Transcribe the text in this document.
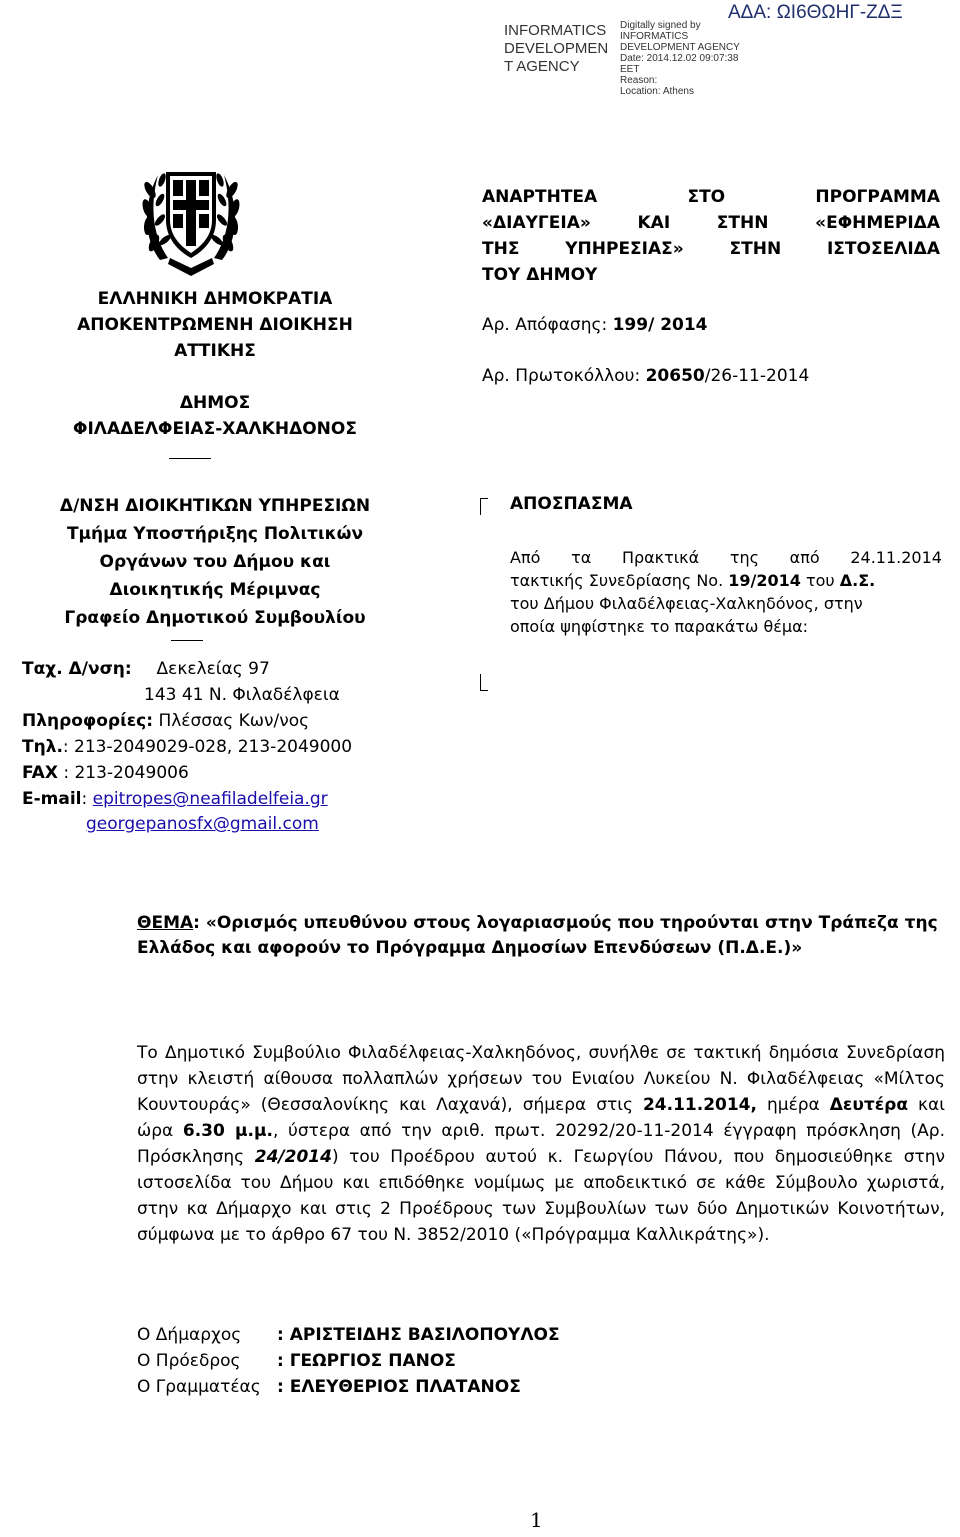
INFORMATICS
DEVELOPMEN
T AGENCY
Digitally signed by
INFORMATICS
DEVELOPMENT AGENCY
Date: 2014.12.02 09:07:38
EET
Reason:
Location: Athens
ΑΔΑ: ΩΙ6ΘΩΗΓ-ΖΔΞ
ΕΛΛΗΝΙΚΗ ΔΗΜΟΚΡΑΤΙΑ
ΑΠΟΚΕΝΤΡΩΜΕΝΗ ΔΙΟΙΚΗΣΗ
ΑΤΤΙΚΗΣ
ΔΗΜΟΣ
ΦΙΛΑΔΕΛΦΕΙΑΣ-ΧΑΛΚΗΔΟΝΟΣ
Δ/ΝΣΗ ΔΙΟΙΚΗΤΙΚΩΝ ΥΠΗΡΕΣΙΩΝ
Τμήμα Υποστήριξης Πολιτικών
Οργάνων του Δήμου και
Διοικητικής Μέριμνας
Γραφείο Δημοτικού Συμβουλίου
Ταχ. Δ/νση: Δεκελείας 97
143 41 Ν. Φιλαδέλφεια
Πληροφορίες: Πλέσσας Κων/νος
Τηλ.: 213-2049029-028, 213-2049000
FAX : 213-2049006
E-mail: epitropes@neafiladelfeia.gr
georgepanosfx@gmail.com
ΑΝΑΡΤΗΤΕΑ	ΣΤΟ	ΠΡΟΓΡΑΜΜΑ
«ΔΙΑΥΓΕΙΑ»	ΚΑΙ	ΣΤΗΝ	«ΕΦΗΜΕΡΙΔΑ
ΤΗΣ	ΥΠΗΡΕΣΙΑΣ»	ΣΤΗΝ	ΙΣΤΟΣΕΛΙΔΑ
ΤΟΥ ΔΗΜΟΥ
Αρ. Απόφασης: 199/ 2014
Αρ. Πρωτοκόλλου: 20650/26-11-2014
ΑΠΟΣΠΑΣΜΑ
Από τα Πρακτικά της από 24.11.2014
τακτικής Συνεδρίασης Νο. 19/2014 του Δ.Σ.
του Δήμου Φιλαδέλφειας-Χαλκηδόνος, στην
οποία ψηφίστηκε το παρακάτω θέμα:
ΘΕΜΑ: «Ορισμός υπευθύνου στους λογαριασμούς που τηρούνται στην Τράπεζα της Ελλάδος και αφορούν το Πρόγραμμα Δημοσίων Επενδύσεων (Π.Δ.Ε.)»
Το Δημοτικό Συμβούλιο Φιλαδέλφειας-Χαλκηδόνος, συνήλθε σε τακτική δημόσια Συνεδρίαση στην κλειστή αίθουσα πολλαπλών χρήσεων του Ενιαίου Λυκείου Ν. Φιλαδέλφειας «Μίλτος Κουντουράς» (Θεσσαλονίκης και Λαχανά), σήμερα στις 24.11.2014, ημέρα Δευτέρα και ώρα 6.30 μ.μ., ύστερα από την αριθ. πρωτ. 20292/20-11-2014 έγγραφη πρόσκληση (Αρ. Πρόσκλησης 24/2014) του Προέδρου αυτού κ. Γεωργίου Πάνου, που δημοσιεύθηκε στην ιστοσελίδα του Δήμου και επιδόθηκε νομίμως με αποδεικτικό σε κάθε Σύμβουλο χωριστά, στην κα Δήμαρχο και στις 2 Προέδρους των Συμβουλίων των δύο Δημοτικών Κοινοτήτων, σύμφωνα με το άρθρο 67 του Ν. 3852/2010 («Πρόγραμμα Καλλικράτης»).
Ο Δήμαρχος : ΑΡΙΣΤΕΙΔΗΣ ΒΑΣΙΛΟΠΟΥΛΟΣ
Ο Πρόεδρος : ΓΕΩΡΓΙΟΣ ΠΑΝΟΣ
Ο Γραμματέας : ΕΛΕΥΘΕΡΙΟΣ ΠΛΑΤΑΝΟΣ
1
